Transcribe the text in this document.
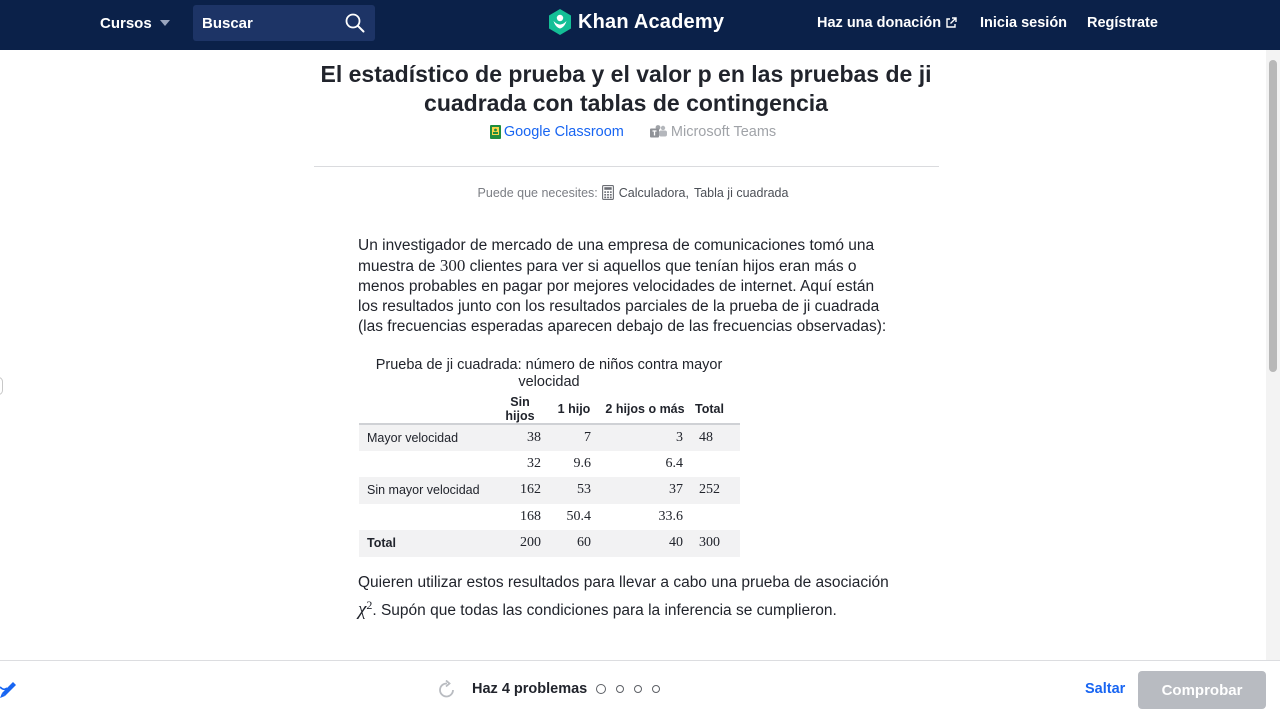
Cursos
Buscar	Khan Academy	Haz una donación	Inicia sesión Regístrate
El estadístico de prueba y el valor p en las pruebas de ji
cuadrada con tablas de contingencia
Google Classroom	Microsoft Teams
Puede que necesites: Calculadora, Tabla ji cuadrada

Un investigador de mercado de una empresa de comunicaciones tomó una muestra de 300 clientes para ver si aquellos que tenían hijos eran más o menos probables en pagar por mejores velocidades de internet. Aquí están los resultados junto con los resultados parciales de la prueba de ji cuadrada (las frecuencias esperadas aparecen debajo de las frecuencias observadas):

Prueba de ji cuadrada: número de niños contra mayor velocidad
	Sin hijos	1 hijo	2 hijos o más	Total
Mayor velocidad	38	7	3	48
	32	9.6	6.4	
Sin mayor velocidad	162	53	37	252
	168	50.4	33.6	
Total	200	60	40	300

Quieren utilizar estos resultados para llevar a cabo una prueba de asociación $\chi^2$. Supón que todas las condiciones para la inferencia se cumplieron.

Haz 4 problemas	Saltar	Comprobar
